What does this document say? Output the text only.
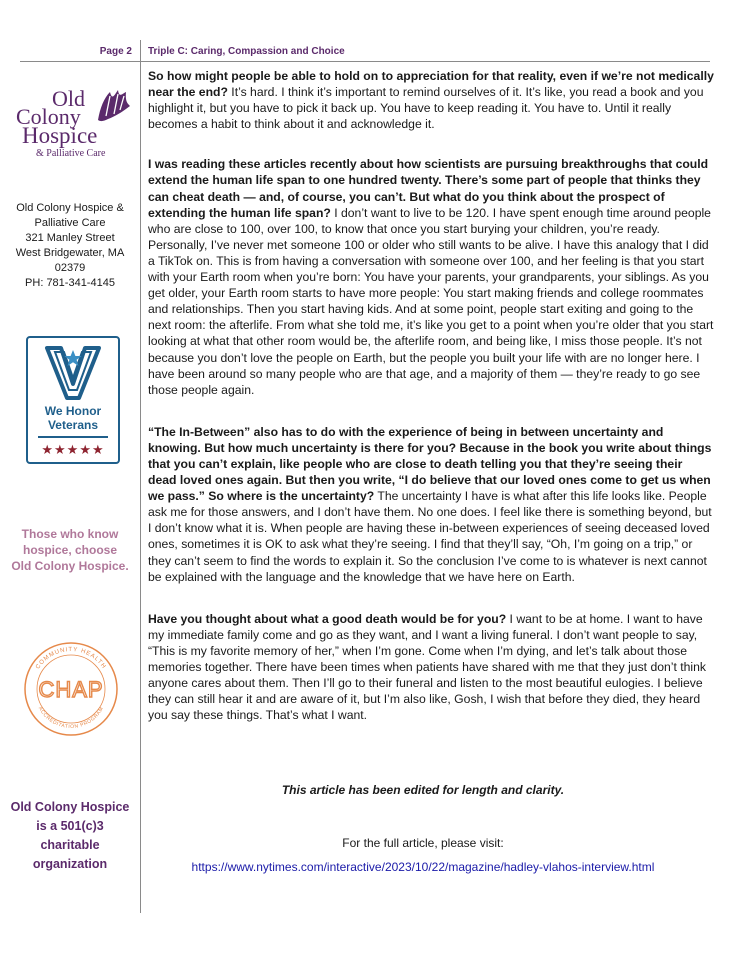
Page 2 Triple C: Caring, Compassion and Choice
Old
Colony
Hospice
& Palliative Care
Old Colony Hospice &
Palliative Care
321 Manley Street
West Bridgewater, MA
02379
PH: 781-341-4145
We Honor
Veterans
★★★★★
Those who know
hospice, choose
Old Colony Hospice.
COMMUNITY HEALTH
ACCREDITATION PROGRAM
CHAP
Old Colony Hospice
is a 501(c)3
charitable
organization

So how might people be able to hold on to appreciation for that reality, even if we’re not medically near the end? It’s hard. I think it’s important to remind ourselves of it. It’s like, you read a book and you highlight it, but you have to pick it back up. You have to keep reading it. You have to. Until it really becomes a habit to think about it and acknowledge it.

I was reading these articles recently about how scientists are pursuing breakthroughs that could extend the human life span to one hundred twenty. There’s some part of people that thinks they can cheat death — and, of course, you can’t. But what do you think about the prospect of extending the human life span? I don’t want to live to be 120. I have spent enough time around people who are close to 100, over 100, to know that once you start burying your children, you’re ready. Personally, I’ve never met someone 100 or older who still wants to be alive. I have this analogy that I did a TikTok on. This is from having a conversation with someone over 100, and her feeling is that you start with your Earth room when you’re born: You have your parents, your grandparents, your siblings. As you get older, your Earth room starts to have more people: You start making friends and college roommates and relationships. Then you start having kids. And at some point, people start exiting and going to the next room: the afterlife. From what she told me, it’s like you get to a point when you’re older that you start looking at what that other room would be, the afterlife room, and being like, I miss those people. It’s not because you don’t love the people on Earth, but the people you built your life with are no longer here. I have been around so many people who are that age, and a majority of them — they’re ready to go see those people again.

“The In-Between” also has to do with the experience of being in between uncertainty and knowing. But how much uncertainty is there for you? Because in the book you write about things that you can’t explain, like people who are close to death telling you that they’re seeing their dead loved ones again. But then you write, “I do believe that our loved ones come to get us when we pass.” So where is the uncertainty? The uncertainty I have is what after this life looks like. People ask me for those answers, and I don’t have them. No one does. I feel like there is something beyond, but I don’t know what it is. When people are having these in-between experiences of seeing deceased loved ones, sometimes it is OK to ask what they’re seeing. I find that they’ll say, “Oh, I’m going on a trip,” or they can’t seem to find the words to explain it. So the conclusion I’ve come to is whatever is next cannot be explained with the language and the knowledge that we have here on Earth.

Have you thought about what a good death would be for you? I want to be at home. I want to have my immediate family come and go as they want, and I want a living funeral. I don’t want people to say, “This is my favorite memory of her,” when I’m gone. Come when I’m dying, and let’s talk about those memories together. There have been times when patients have shared with me that they just don’t think anyone cares about them. Then I’ll go to their funeral and listen to the most beautiful eulogies. I believe they can still hear it and are aware of it, but I’m also like, Gosh, I wish that before they died, they heard you say these things. That’s what I want.

This article has been edited for length and clarity.
For the full article, please visit:
https://www.nytimes.com/interactive/2023/10/22/magazine/hadley-vlahos-interview.html
